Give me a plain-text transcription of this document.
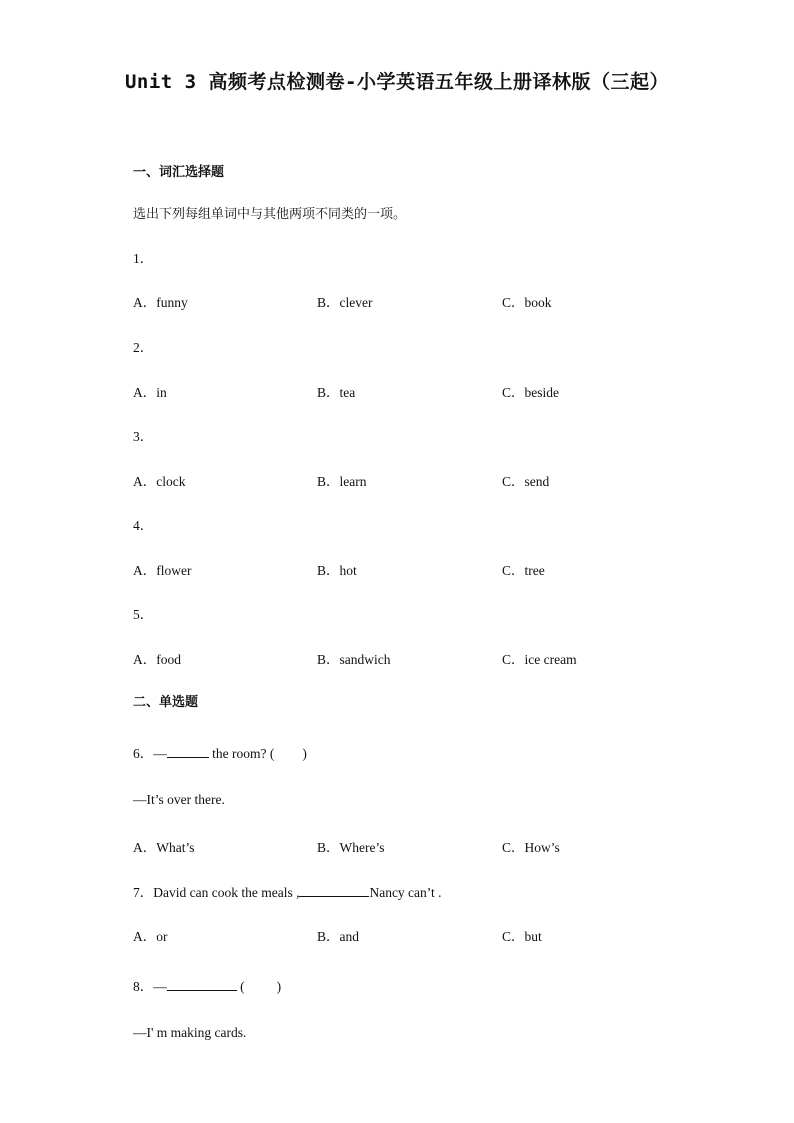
Unit 3 高频考点检测卷-小学英语五年级上册译林版（三起）
一、词汇选择题
选出下列每组单词中与其他两项不同类的一项。
1．
A．funny	B．clever	C．book
2．
A．in	B．tea	C．beside
3．
A．clock	B．learn	C．send
4．
A．flower	B．hot	C．tree
5．
A．food	B．sandwich	C．ice cream
二、单选题
6．—	the room? ( )
—It’s over there.
A．What’s	B．Where’s	C．How’s
7．David can cook the meals ,	Nancy can’t .
A．or	B．and	C．but
8．—	( )
—I' m making cards.
